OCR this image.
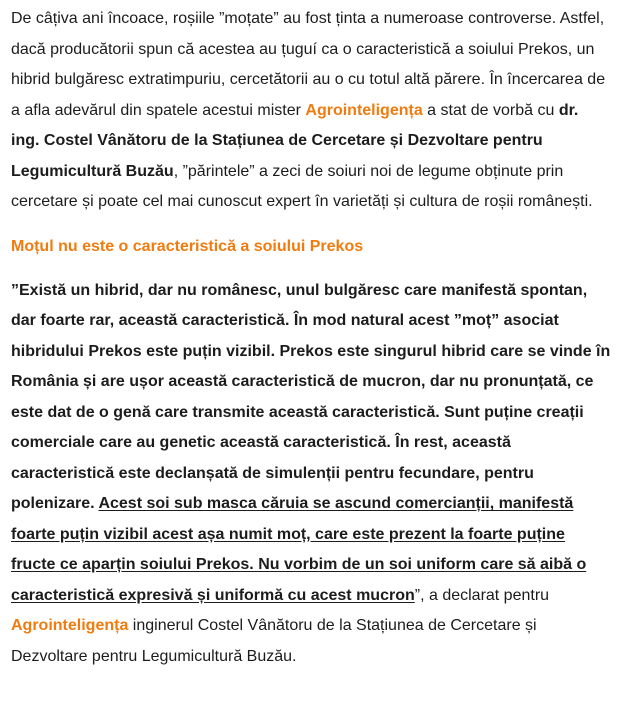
De câțiva ani încoace, roșiile ”moțate” au fost ținta a numeroase controverse. Astfel, dacă producătorii spun că acestea au țuguí ca o caracteristică a soiului Prekos, un hibrid bulgăresc extratimpuriu, cercetătorii au o cu totul altă părere. În încercarea de a afla adevărul din spatele acestui mister Agrointeligența a stat de vorbă cu dr. ing. Costel Vânătoru de la Stațiunea de Cercetare și Dezvoltare pentru Legumicultură Buzău, ”părintele” a zeci de soiuri noi de legume obținute prin cercetare și poate cel mai cunoscut expert în varietăți și cultura de roșii românești.

Moțul nu este o caracteristică a soiului Prekos

”Există un hibrid, dar nu românesc, unul bulgăresc care manifestă spontan, dar foarte rar, această caracteristică. În mod natural acest ”moț” asociat hibridului Prekos este puțin vizibil. Prekos este singurul hibrid care se vinde în România și are ușor această caracteristică de mucron, dar nu pronunțată, ce este dat de o genă care transmite această caracteristică. Sunt puține creații comerciale care au genetic această caracteristică. În rest, această caracteristică este declanșată de simulenții pentru fecundare, pentru polenizare. Acest soi sub masca căruia se ascund comercianții, manifestă foarte puțin vizibil acest așa numit moț, care este prezent la foarte puține fructe ce aparțin soiului Prekos. Nu vorbim de un soi uniform care să aibă o caracteristică expresivă și uniformă cu acest mucron”, a declarat pentru Agrointeligența inginerul Costel Vânătoru de la Stațiunea de Cercetare și Dezvoltare pentru Legumicultură Buzău.
